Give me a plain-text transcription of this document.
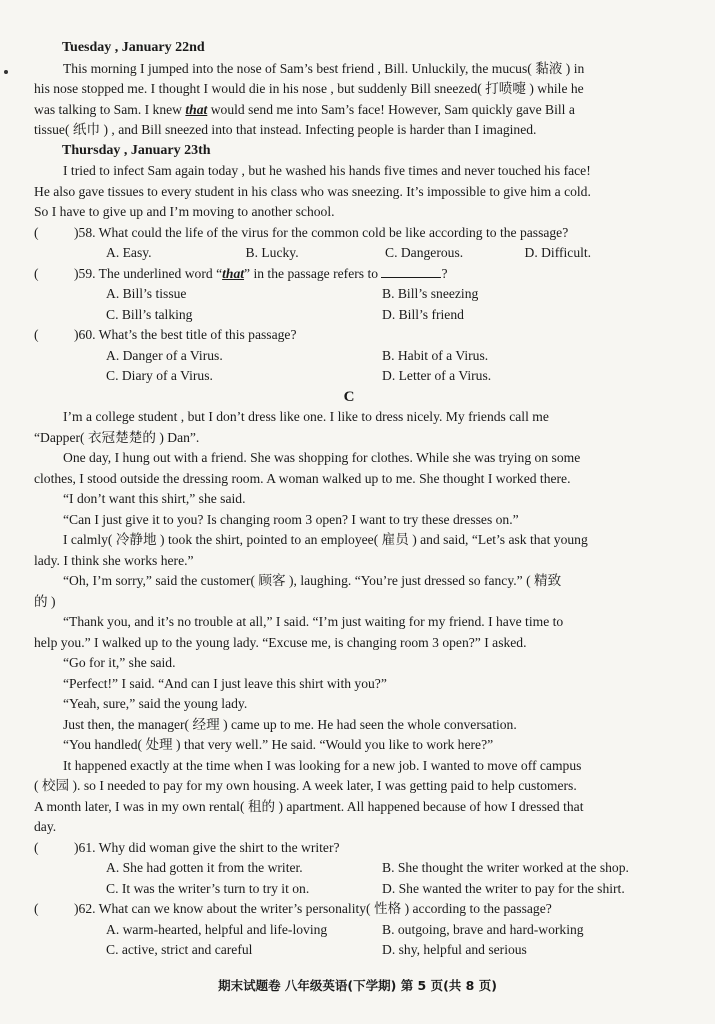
Tuesday , January 22nd

This morning I jumped into the nose of Sam’s best friend , Bill. Unluckily, the mucus( 黏液 ) in

his nose stopped me. I thought I would die in his nose , but suddenly Bill sneezed( 打喷嚏 ) while he

was talking to Sam. I knew that would send me into Sam’s face! However, Sam quickly gave Bill a

tissue( 纸巾 ) , and Bill sneezed into that instead. Infecting people is harder than I imagined.

Thursday , January 23th

I tried to infect Sam again today , but he washed his hands five times and never touched his face!

He also gave tissues to every student in his class who was sneezing. It’s impossible to give him a cold.

So I have to give up and I’m moving to another school.

(	)58. What could the life of the virus for the common cold be like according to the passage?
A. Easy.	B. Lucky.	C. Dangerous.	D. Difficult.
(	)59. The underlined word “that” in the passage refers to	?
A. Bill’s tissue	B. Bill’s sneezing
C. Bill’s talking	D. Bill’s friend
(	)60. What’s the best title of this passage?
A. Danger of a Virus.	B. Habit of a Virus.
C. Diary of a Virus.	D. Letter of a Virus.
C

I’m a college student , but I don’t dress like one. I like to dress nicely. My friends call me

“Dapper( 衣冠楚楚的 ) Dan”.

One day, I hung out with a friend. She was shopping for clothes. While she was trying on some

clothes, I stood outside the dressing room. A woman walked up to me. She thought I worked there.

“I don’t want this shirt,” she said.

“Can I just give it to you? Is changing room 3 open? I want to try these dresses on.”

I calmly( 冷静地 ) took the shirt, pointed to an employee( 雇员 ) and said, “Let’s ask that young

lady. I think she works here.”

“Oh, I’m sorry,” said the customer( 顾客 ), laughing. “You’re just dressed so fancy.” ( 精致

的 )

“Thank you, and it’s no trouble at all,” I said. “I’m just waiting for my friend. I have time to

help you.” I walked up to the young lady. “Excuse me, is changing room 3 open?” I asked.

“Go for it,” she said.

“Perfect!” I said. “And can I just leave this shirt with you?”

“Yeah, sure,” said the young lady.

Just then, the manager( 经理 ) came up to me. He had seen the whole conversation.

“You handled( 处理 ) that very well.” He said. “Would you like to work here?”

It happened exactly at the time when I was looking for a new job. I wanted to move off campus

( 校园 ). so I needed to pay for my own housing. A week later, I was getting paid to help customers.

A month later, I was in my own rental( 租的 ) apartment. All happened because of how I dressed that

day.

(	)61. Why did woman give the shirt to the writer?
A. She had gotten it from the writer.	B. She thought the writer worked at the shop.
C. It was the writer’s turn to try it on.	D. She wanted the writer to pay for the shirt.
(	)62. What can we know about the writer’s personality( 性格 ) according to the passage?
A. warm-hearted, helpful and life-loving	B. outgoing, brave and hard-working
C. active, strict and careful	D. shy, helpful and serious
期末试题卷 八年级英语(下学期) 第 5 页(共 8 页)
